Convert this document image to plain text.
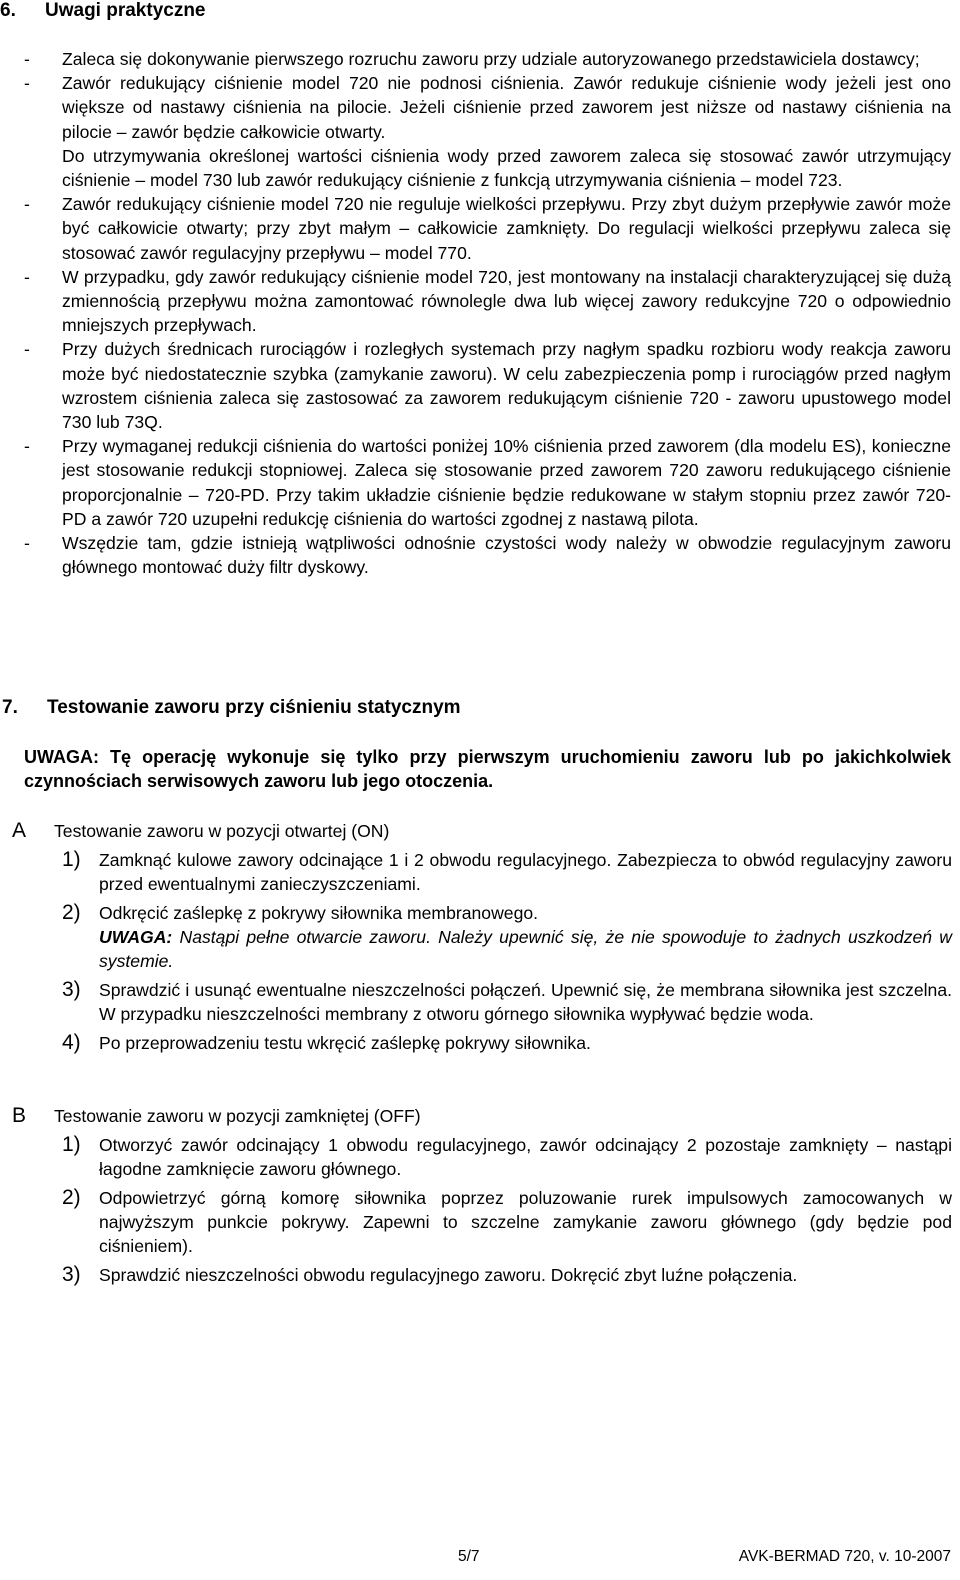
6. Uwagi praktyczne
- Zaleca się dokonywanie pierwszego rozruchu zaworu przy udziale autoryzowanego przedstawiciela dostawcy;
- Zawór redukujący ciśnienie model 720 nie podnosi ciśnienia. Zawór redukuje ciśnienie wody jeżeli jest ono większe od nastawy ciśnienia na pilocie. Jeżeli ciśnienie przed zaworem jest niższe od nastawy ciśnienia na pilocie – zawór będzie całkowicie otwarty.
Do utrzymywania określonej wartości ciśnienia wody przed zaworem zaleca się stosować zawór utrzymujący ciśnienie – model 730 lub zawór redukujący ciśnienie z funkcją utrzymywania ciśnienia – model 723.
- Zawór redukujący ciśnienie model 720 nie reguluje wielkości przepływu. Przy zbyt dużym przepływie zawór może być całkowicie otwarty; przy zbyt małym – całkowicie zamknięty. Do regulacji wielkości przepływu zaleca się stosować zawór regulacyjny przepływu – model 770.
- W przypadku, gdy zawór redukujący ciśnienie model 720, jest montowany na instalacji charakteryzującej się dużą zmiennością przepływu można zamontować równolegle dwa lub więcej zawory redukcyjne 720 o odpowiednio mniejszych przepływach.
- Przy dużych średnicach rurociągów i rozległych systemach przy nagłym spadku rozbioru wody reakcja zaworu może być niedostatecznie szybka (zamykanie zaworu). W celu zabezpieczenia pomp i rurociągów przed nagłym wzrostem ciśnienia zaleca się zastosować za zaworem redukującym ciśnienie 720 - zaworu upustowego model 730 lub 73Q.
- Przy wymaganej redukcji ciśnienia do wartości poniżej 10% ciśnienia przed zaworem (dla modelu ES), konieczne jest stosowanie redukcji stopniowej. Zaleca się stosowanie przed zaworem 720 zaworu redukującego ciśnienie proporcjonalnie – 720-PD. Przy takim układzie ciśnienie będzie redukowane w stałym stopniu przez zawór 720-PD a zawór 720 uzupełni redukcję ciśnienia do wartości zgodnej z nastawą pilota.
- Wszędzie tam, gdzie istnieją wątpliwości odnośnie czystości wody należy w obwodzie regulacyjnym zaworu głównego montować duży filtr dyskowy.
7. Testowanie zaworu przy ciśnieniu statycznym
UWAGA: Tę operację wykonuje się tylko przy pierwszym uruchomieniu zaworu lub po jakichkolwiek czynnościach serwisowych zaworu lub jego otoczenia.
A Testowanie zaworu w pozycji otwartej (ON)
1) Zamknąć kulowe zawory odcinające 1 i 2 obwodu regulacyjnego. Zabezpiecza to obwód regulacyjny zaworu przed ewentualnymi zanieczyszczeniami.
2) Odkręcić zaślepkę z pokrywy siłownika membranowego.
UWAGA: Nastąpi pełne otwarcie zaworu. Należy upewnić się, że nie spowoduje to żadnych uszkodzeń w systemie.
3) Sprawdzić i usunąć ewentualne nieszczelności połączeń. Upewnić się, że membrana siłownika jest szczelna. W przypadku nieszczelności membrany z otworu górnego siłownika wypływać będzie woda.
4) Po przeprowadzeniu testu wkręcić zaślepkę pokrywy siłownika.
B Testowanie zaworu w pozycji zamkniętej (OFF)
1) Otworzyć zawór odcinający 1 obwodu regulacyjnego, zawór odcinający 2 pozostaje zamknięty – nastąpi łagodne zamknięcie zaworu głównego.
2) Odpowietrzyć górną komorę siłownika poprzez poluzowanie rurek impulsowych zamocowanych w najwyższym punkcie pokrywy. Zapewni to szczelne zamykanie zaworu głównego (gdy będzie pod ciśnieniem).
3) Sprawdzić nieszczelności obwodu regulacyjnego zaworu. Dokręcić zbyt luźne połączenia.
5/7	AVK-BERMAD 720, v. 10-2007
